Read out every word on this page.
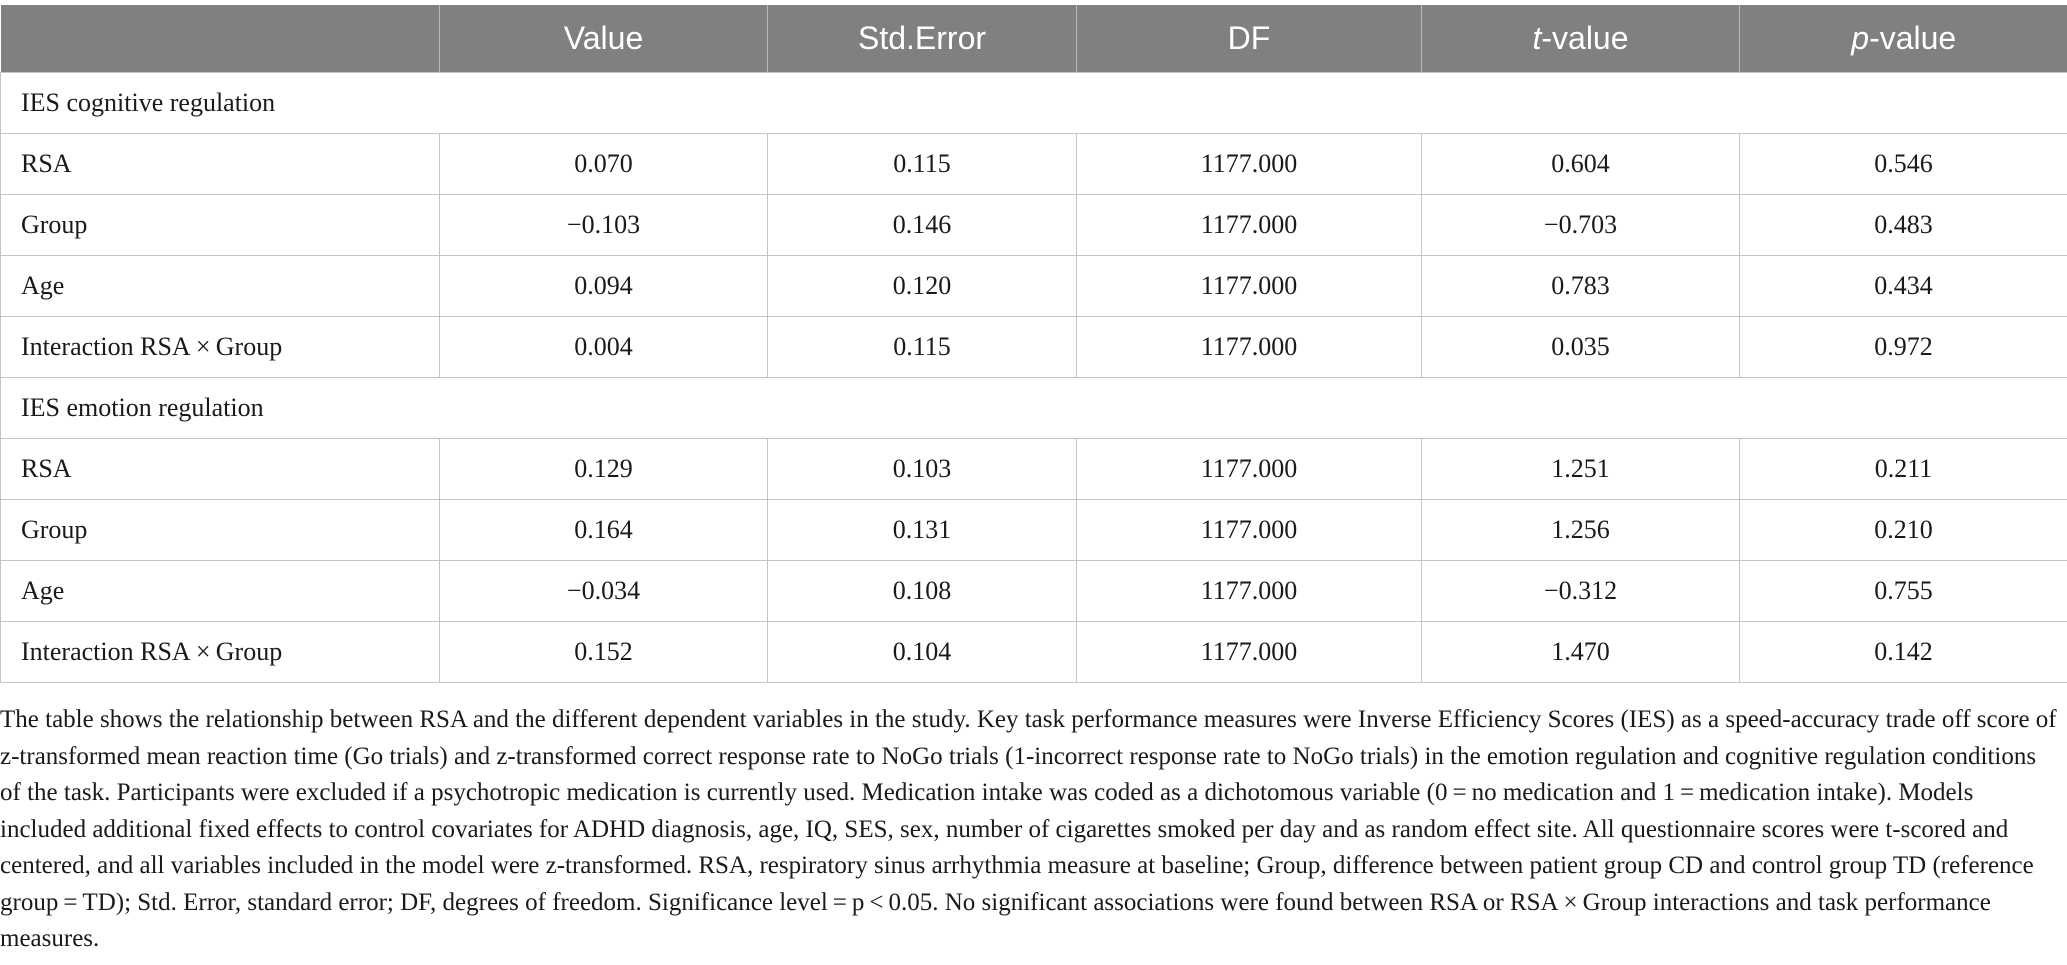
	Value	Std.Error	DF	t-value	p-value
IES cognitive regulation					
RSA	0.070	0.115	1177.000	0.604	0.546
Group	−0.103	0.146	1177.000	−0.703	0.483
Age	0.094	0.120	1177.000	0.783	0.434
Interaction RSA × Group	0.004	0.115	1177.000	0.035	0.972
IES emotion regulation					
RSA	0.129	0.103	1177.000	1.251	0.211
Group	0.164	0.131	1177.000	1.256	0.210
Age	−0.034	0.108	1177.000	−0.312	0.755
Interaction RSA × Group	0.152	0.104	1177.000	1.470	0.142

The table shows the relationship between RSA and the different dependent variables in the study. Key task performance measures were Inverse Efficiency Scores (IES) as a speed-accuracy trade off score of z-transformed mean reaction time (Go trials) and z-transformed correct response rate to NoGo trials (1-incorrect response rate to NoGo trials) in the emotion regulation and cognitive regulation conditions of the task. Participants were excluded if a psychotropic medication is currently used. Medication intake was coded as a dichotomous variable (0 = no medication and 1 = medication intake). Models included additional fixed effects to control covariates for ADHD diagnosis, age, IQ, SES, sex, number of cigarettes smoked per day and as random effect site. All questionnaire scores were t-scored and centered, and all variables included in the model were z-transformed. RSA, respiratory sinus arrhythmia measure at baseline; Group, difference between patient group CD and control group TD (reference group = TD); Std. Error, standard error; DF, degrees of freedom. Significance level = p < 0.05. No significant associations were found between RSA or RSA × Group interactions and task performance measures.
